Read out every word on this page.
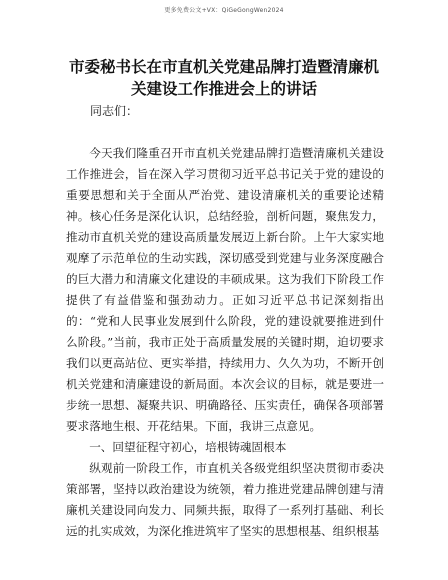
更多免费公文+VX：QiGeGongWen2024
市委秘书长在市直机关党建品牌打造暨清廉机
关建设工作推进会上的讲话
同志们：

今天我们隆重召开市直机关党建品牌打造暨清廉机关建设工作推进会，旨在深入学习贯彻习近平总书记关于党的建设的重要思想和关于全面从严治党、建设清廉机关的重要论述精神。核心任务是深化认识，总结经验，剖析问题，聚焦发力，推动市直机关党的建设高质量发展迈上新台阶。上午大家实地观摩了示范单位的生动实践，深切感受到党建与业务深度融合的巨大潜力和清廉文化建设的丰硕成果。这为我们下阶段工作提供了有益借鉴和强劲动力。正如习近平总书记深刻指出的：“党和人民事业发展到什么阶段，党的建设就要推进到什么阶段。”当前，我市正处于高质量发展的关键时期，迫切要求我们以更高站位、更实举措，持续用力、久久为功，不断开创机关党建和清廉建设的新局面。本次会议的目标，就是要进一步统一思想、凝聚共识、明确路径、压实责任，确保各项部署要求落地生根、开花结果。下面，我讲三点意见。

一、回望征程守初心，培根铸魂固根本

纵观前一阶段工作，市直机关各级党组织坚决贯彻市委决策部署，坚持以政治建设为统领，着力推进党建品牌创建与清廉机关建设同向发力、同频共振，取得了一系列打基础、利长远的扎实成效，为深化推进筑牢了坚实的思想根基、组织根基
